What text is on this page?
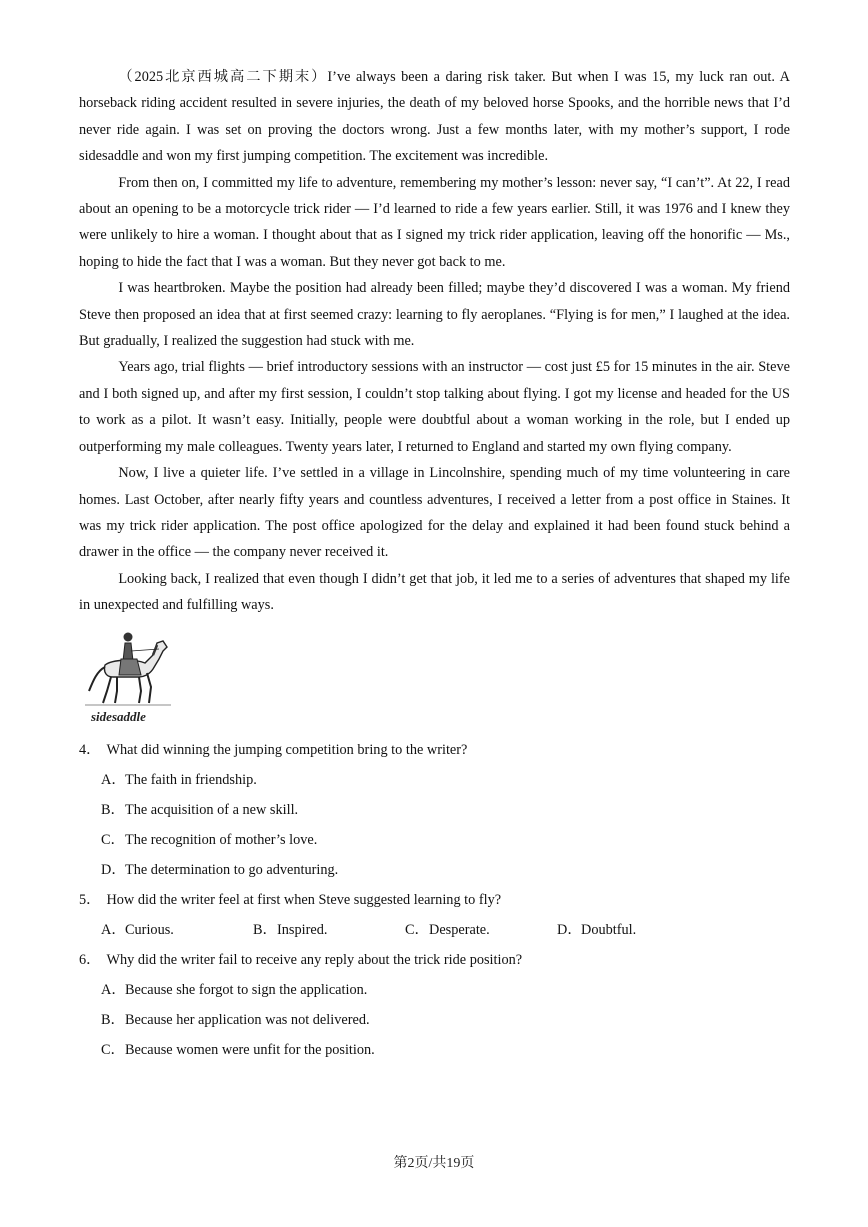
（2025北京西城高二下期末）I’ve always been a daring risk taker. But when I was 15, my luck ran out. A horseback riding accident resulted in severe injuries, the death of my beloved horse Spooks, and the horrible news that I’d never ride again. I was set on proving the doctors wrong. Just a few months later, with my mother’s support, I rode sidesaddle and won my first jumping competition. The excitement was incredible.

From then on, I committed my life to adventure, remembering my mother’s lesson: never say, “I can’t”. At 22, I read about an opening to be a motorcycle trick rider — I’d learned to ride a few years earlier. Still, it was 1976 and I knew they were unlikely to hire a woman. I thought about that as I signed my trick rider application, leaving off the honorific — Ms., hoping to hide the fact that I was a woman. But they never got back to me.

I was heartbroken. Maybe the position had already been filled; maybe they’d discovered I was a woman. My friend Steve then proposed an idea that at first seemed crazy: learning to fly aeroplanes. “Flying is for men,” I laughed at the idea. But gradually, I realized the suggestion had stuck with me.

Years ago, trial flights — brief introductory sessions with an instructor — cost just £5 for 15 minutes in the air. Steve and I both signed up, and after my first session, I couldn’t stop talking about flying. I got my license and headed for the US to work as a pilot. It wasn’t easy. Initially, people were doubtful about a woman working in the role, but I ended up outperforming my male colleagues. Twenty years later, I returned to England and started my own flying company.

Now, I live a quieter life. I’ve settled in a village in Lincolnshire, spending much of my time volunteering in care homes. Last October, after nearly fifty years and countless adventures, I received a letter from a post office in Staines. It was my trick rider application. The post office apologized for the delay and explained it had been found stuck behind a drawer in the office — the company never received it.

Looking back, I realized that even though I didn’t get that job, it led me to a series of adventures that shaped my life in unexpected and fulfilling ways.

sidesaddle

4． What did winning the jumping competition bring to the writer?

A．The faith in friendship.

B．The acquisition of a new skill.

C．The recognition of mother’s love.

D．The determination to go adventuring.

5． How did the writer feel at first when Steve suggested learning to fly?

A．Curious.	B．Inspired.	C．Desperate.	D．Doubtful.

6． Why did the writer fail to receive any reply about the trick ride position?

A．Because she forgot to sign the application.

B．Because her application was not delivered.

C．Because women were unfit for the position.

第2页/共19页
